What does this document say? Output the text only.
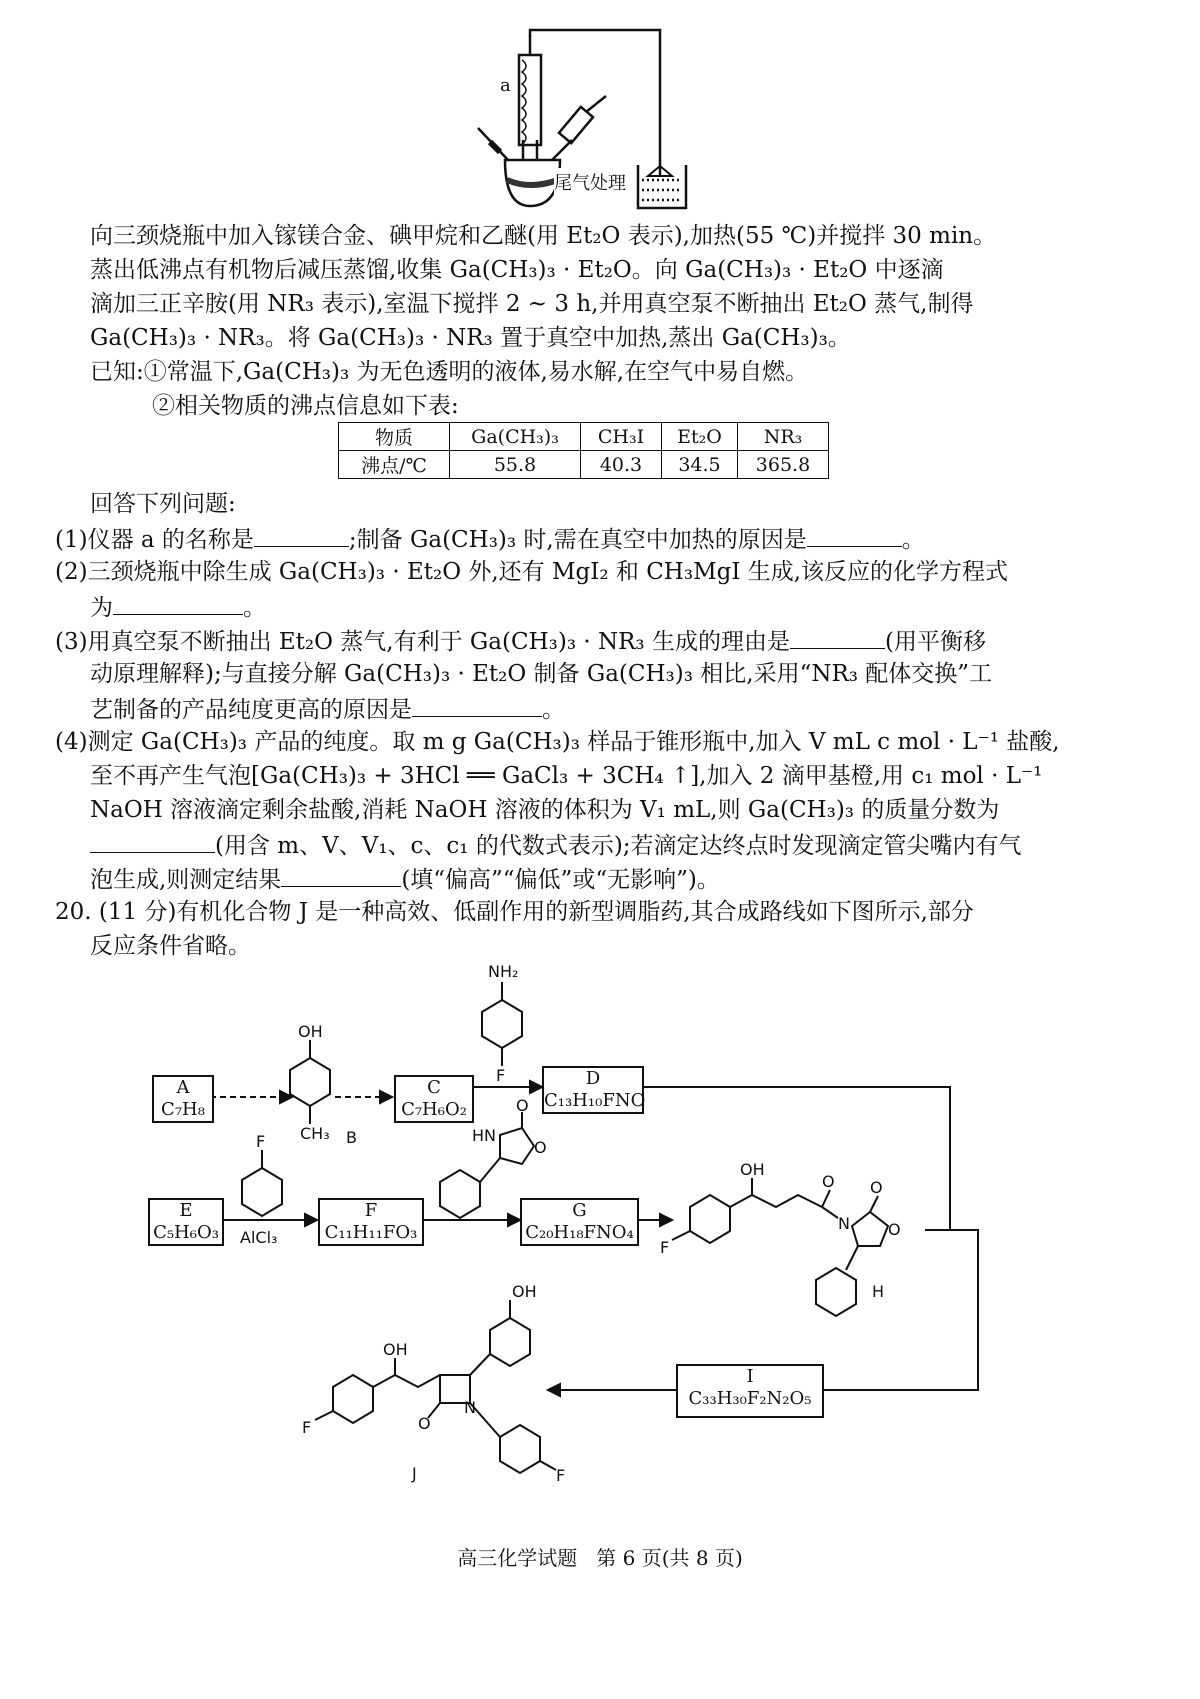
a
尾气处理
向三颈烧瓶中加入镓镁合金、碘甲烷和乙醚(用 Et₂O 表示),加热(55 ℃)并搅拌 30 min。
蒸出低沸点有机物后减压蒸馏,收集 Ga(CH₃)₃ · Et₂O。向 Ga(CH₃)₃ · Et₂O 中逐滴
滴加三正辛胺(用 NR₃ 表示),室温下搅拌 2 ~ 3 h,并用真空泵不断抽出 Et₂O 蒸气,制得
Ga(CH₃)₃ · NR₃。将 Ga(CH₃)₃ · NR₃ 置于真空中加热,蒸出 Ga(CH₃)₃。
已知:①常温下,Ga(CH₃)₃ 为无色透明的液体,易水解,在空气中易自燃。
②相关物质的沸点信息如下表:
物质	Ga(CH₃)₃	CH₃I	Et₂O	NR₃
沸点/℃	55.8	40.3	34.5	365.8
回答下列问题:
(1)仪器 a 的名称是	;制备 Ga(CH₃)₃ 时,需在真空中加热的原因是	。
(2)三颈烧瓶中除生成 Ga(CH₃)₃ · Et₂O 外,还有 MgI₂ 和 CH₃MgI 生成,该反应的化学方程式
为	。
(3)用真空泵不断抽出 Et₂O 蒸气,有利于 Ga(CH₃)₃ · NR₃ 生成的理由是	(用平衡移
动原理解释);与直接分解 Ga(CH₃)₃ · Et₂O 制备 Ga(CH₃)₃ 相比,采用“NR₃ 配体交换”工
艺制备的产品纯度更高的原因是	。
(4)测定 Ga(CH₃)₃ 产品的纯度。取 m g Ga(CH₃)₃ 样品于锥形瓶中,加入 V mL c mol · L⁻¹ 盐酸,
至不再产生气泡[Ga(CH₃)₃ + 3HCl ══ GaCl₃ + 3CH₄ ↑],加入 2 滴甲基橙,用 c₁ mol · L⁻¹
NaOH 溶液滴定剩余盐酸,消耗 NaOH 溶液的体积为 V₁ mL,则 Ga(CH₃)₃ 的质量分数为
(用含 m、V、V₁、c、c₁ 的代数式表示);若滴定达终点时发现滴定管尖嘴内有气
泡生成,则测定结果	(填“偏高”“偏低”或“无影响”)。
20. (11 分)有机化合物 J 是一种高效、低副作用的新型调脂药,其合成路线如下图所示,部分
反应条件省略。
NH₂
F
OH
CH₃
F	HN
O
O
OH
F
O
N
O
O
OH
F
OH
O
N
F
A
C₇H₈
B
C
C₇H₆O₂
D
C₁₃H₁₀FNO
E
C₅H₆O₃ AlCl₃
F
C₁₁H₁₁FO₃
G
C₂₀H₁₈FNO₄
H
I
C₃₃H₃₀F₂N₂O₅
J
高三化学试题   第 6 页(共 8 页)
